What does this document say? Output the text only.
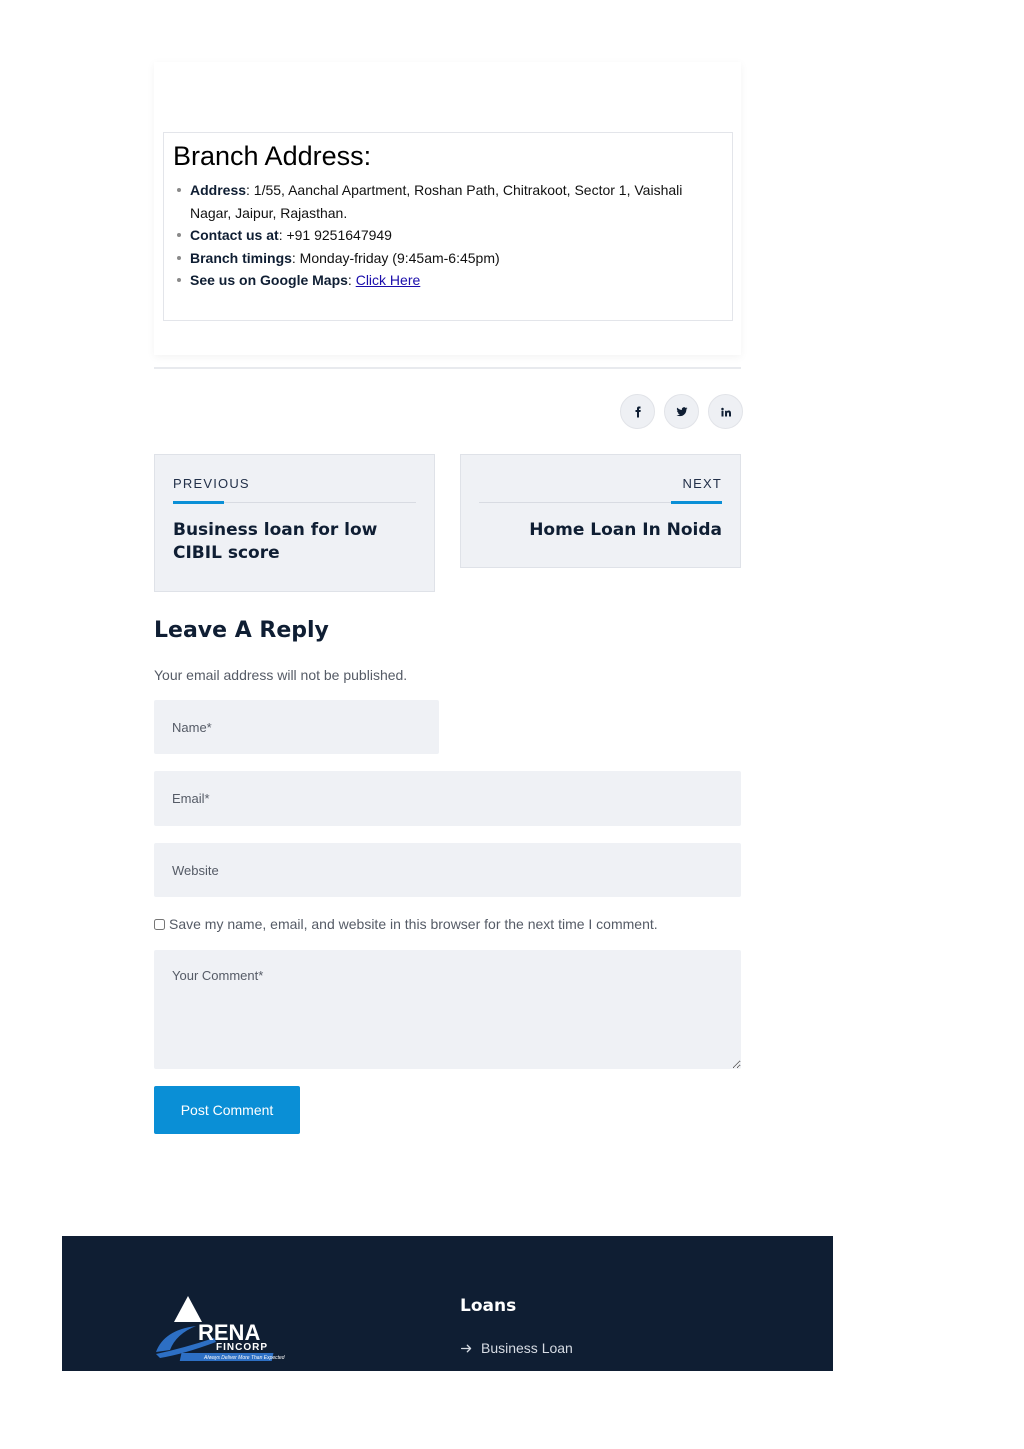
Branch Address:
Address: 1/55, Aanchal Apartment, Roshan Path, Chitrakoot, Sector 1, Vaishali Nagar, Jaipur, Rajasthan.
Contact us at: +91 9251647949
Branch timings: Monday-friday (9:45am-6:45pm)
See us on Google Maps: Click Here
PREVIOUS
Business loan for low CIBIL score
NEXT
Home Loan In Noida
Leave A Reply

Your email address will not be published.

Name*
Email*
Website
Save my name, email, and website in this browser for the next time I comment.
Your Comment*
Post Comment
RENA
FINCORP
Always Deliver More Than Expected
Loans
Business Loan
